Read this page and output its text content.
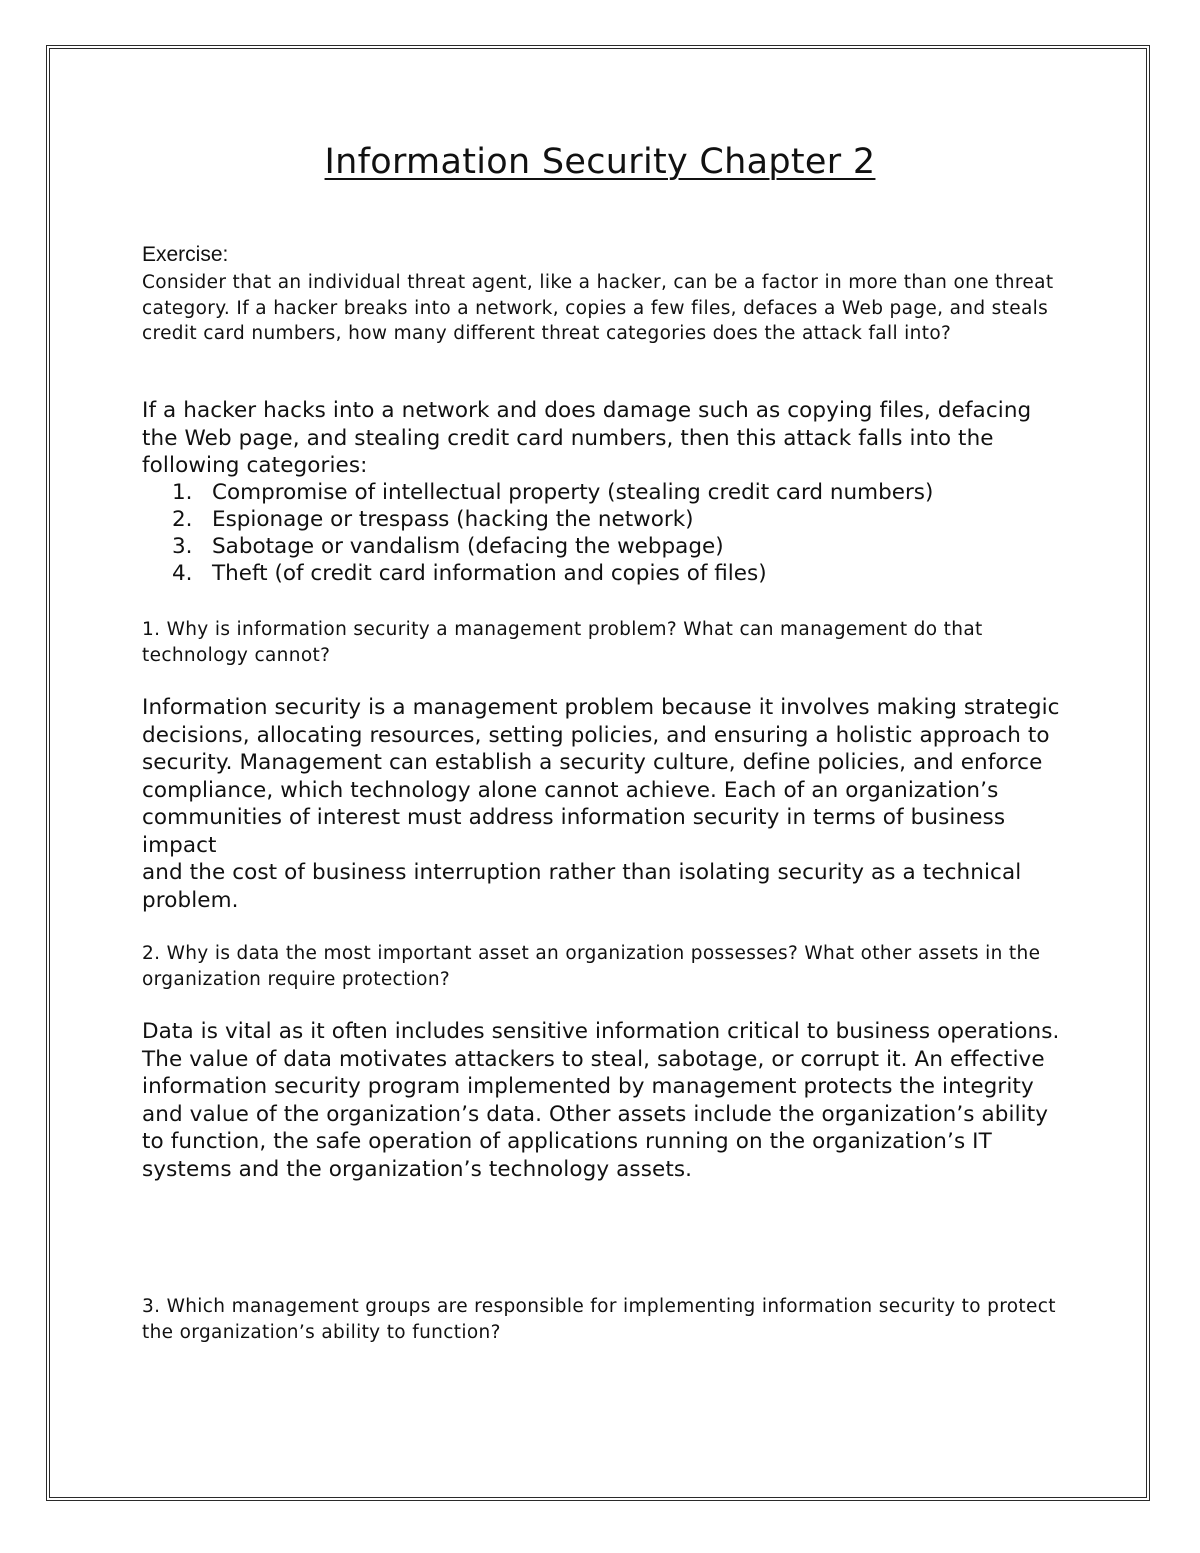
Information Security Chapter 2

Exercise:

Consider that an individual threat agent, like a hacker, can be a factor in more than one threat category. If a hacker breaks into a network, copies a few files, defaces a Web page, and steals credit card numbers, how many different threat categories does the attack fall into?

If a hacker hacks into a network and does damage such as copying files, defacing the Web page, and stealing credit card numbers, then this attack falls into the following categories:

1. Compromise of intellectual property (stealing credit card numbers)
2. Espionage or trespass (hacking the network)
3. Sabotage or vandalism (defacing the webpage)
4. Theft (of credit card information and copies of files)

1. Why is information security a management problem? What can management do that technology cannot?

Information security is a management problem because it involves making strategic decisions, allocating resources, setting policies, and ensuring a holistic approach to security. Management can establish a security culture, define policies, and enforce compliance, which technology alone cannot achieve. Each of an organization’s communities of interest must address information security in terms of business impact
and the cost of business interruption rather than isolating security as a technical problem.

2. Why is data the most important asset an organization possesses? What other assets in the organization require protection?

Data is vital as it often includes sensitive information critical to business operations. The value of data motivates attackers to steal, sabotage, or corrupt it. An effective information security program implemented by management protects the integrity and value of the organization’s data. Other assets include the organization’s ability to function, the safe operation of applications running on the organization’s IT systems and the organization’s technology assets.

3. Which management groups are responsible for implementing information security to protect the organization’s ability to function?
